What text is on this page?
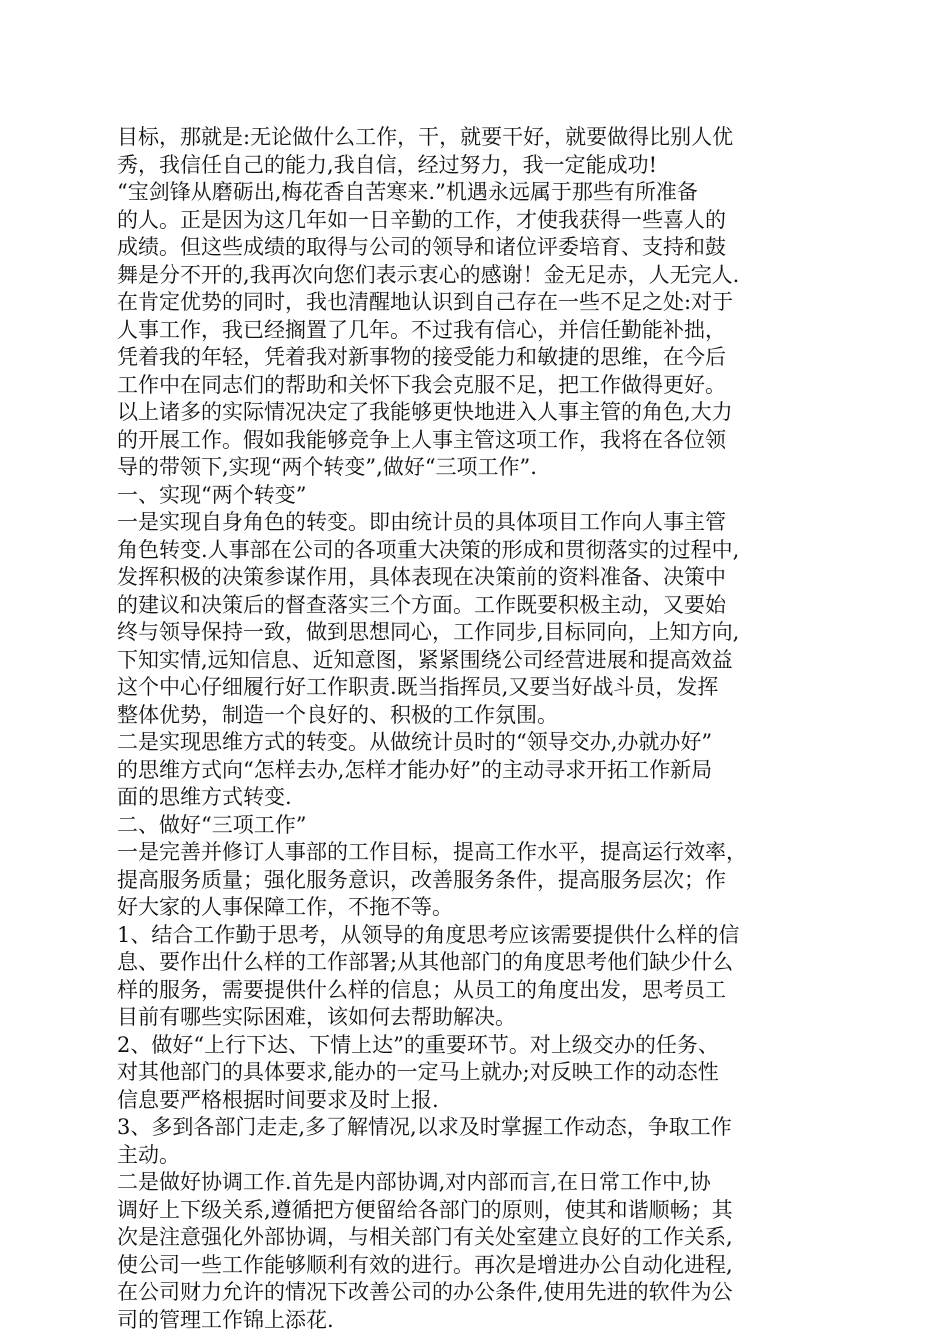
目标，那就是:无论做什么工作，干，就要干好，就要做得比别人优

秀，我信任自己的能力,我自信，经过努力，我一定能成功!

“宝剑锋从磨砺出,梅花香自苦寒来.”机遇永远属于那些有所准备

的人。正是因为这几年如一日辛勤的工作，才使我获得一些喜人的

成绩。但这些成绩的取得与公司的领导和诸位评委培育、支持和鼓

舞是分不开的,我再次向您们表示衷心的感谢！金无足赤，人无完人.

在肯定优势的同时，我也清醒地认识到自己存在一些不足之处:对于

人事工作，我已经搁置了几年。不过我有信心，并信任勤能补拙，

凭着我的年轻，凭着我对新事物的接受能力和敏捷的思维，在今后

工作中在同志们的帮助和关怀下我会克服不足，把工作做得更好。

以上诸多的实际情况决定了我能够更快地进入人事主管的角色,大力

的开展工作。假如我能够竞争上人事主管这项工作，我将在各位领

导的带领下,实现“两个转变”,做好“三项工作”.

一、实现“两个转变”

一是实现自身角色的转变。即由统计员的具体项目工作向人事主管

角色转变.人事部在公司的各项重大决策的形成和贯彻落实的过程中,

发挥积极的决策参谋作用，具体表现在决策前的资料准备、决策中

的建议和决策后的督查落实三个方面。工作既要积极主动，又要始

终与领导保持一致，做到思想同心，工作同步,目标同向，上知方向,

下知实情,远知信息、近知意图，紧紧围绕公司经营进展和提高效益

这个中心仔细履行好工作职责.既当指挥员,又要当好战斗员，发挥

整体优势，制造一个良好的、积极的工作氛围。

二是实现思维方式的转变。从做统计员时的“领导交办,办就办好”

的思维方式向“怎样去办,怎样才能办好”的主动寻求开拓工作新局

面的思维方式转变.

二、做好“三项工作”

一是完善并修订人事部的工作目标，提高工作水平，提高运行效率，

提高服务质量；强化服务意识，改善服务条件，提高服务层次；作

好大家的人事保障工作，不拖不等。

1、结合工作勤于思考，从领导的角度思考应该需要提供什么样的信

息、要作出什么样的工作部署;从其他部门的角度思考他们缺少什么

样的服务，需要提供什么样的信息；从员工的角度出发，思考员工

目前有哪些实际困难，该如何去帮助解决。

2、做好“上行下达、下情上达”的重要环节。对上级交办的任务、

对其他部门的具体要求,能办的一定马上就办;对反映工作的动态性

信息要严格根据时间要求及时上报.

3、多到各部门走走,多了解情况,以求及时掌握工作动态，争取工作

主动。

二是做好协调工作.首先是内部协调,对内部而言,在日常工作中,协

调好上下级关系,遵循把方便留给各部门的原则，使其和谐顺畅；其

次是注意强化外部协调，与相关部门有关处室建立良好的工作关系,

使公司一些工作能够顺利有效的进行。再次是增进办公自动化进程,

在公司财力允许的情况下改善公司的办公条件,使用先进的软件为公

司的管理工作锦上添花.
